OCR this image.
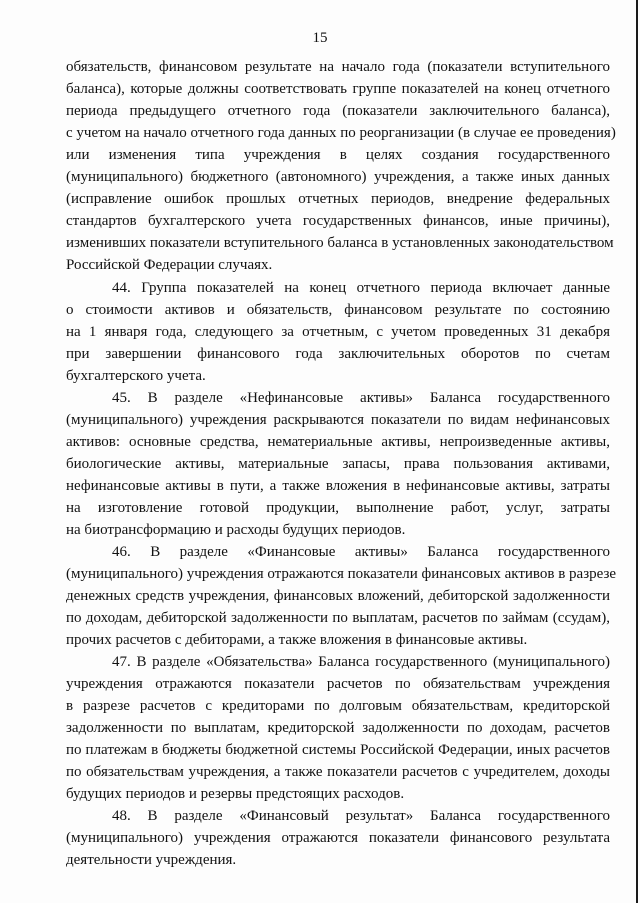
15
обязательств, финансовом результате на начало года (показатели вступительного
баланса), которые должны соответствовать группе показателей на конец отчетного
периода предыдущего отчетного года (показатели заключительного баланса),
с учетом на начало отчетного года данных по реорганизации (в случае ее проведения)
или изменения типа учреждения в целях создания государственного
(муниципального) бюджетного (автономного) учреждения, а также иных данных
(исправление ошибок прошлых отчетных периодов, внедрение федеральных
стандартов бухгалтерского учета государственных финансов, иные причины),
изменивших показатели вступительного баланса в установленных законодательством
Российской Федерации случаях.
44. Группа показателей на конец отчетного периода включает данные
о стоимости активов и обязательств, финансовом результате по состоянию
на 1 января года, следующего за отчетным, с учетом проведенных 31 декабря
при завершении финансового года заключительных оборотов по счетам
бухгалтерского учета.
45. В разделе «Нефинансовые активы» Баланса государственного
(муниципального) учреждения раскрываются показатели по видам нефинансовых
активов: основные средства, нематериальные активы, непроизведенные активы,
биологические активы, материальные запасы, права пользования активами,
нефинансовые активы в пути, а также вложения в нефинансовые активы, затраты
на изготовление готовой продукции, выполнение работ, услуг, затраты
на биотрансформацию и расходы будущих периодов.
46. В разделе «Финансовые активы» Баланса государственного
(муниципального) учреждения отражаются показатели финансовых активов в разрезе
денежных средств учреждения, финансовых вложений, дебиторской задолженности
по доходам, дебиторской задолженности по выплатам, расчетов по займам (ссудам),
прочих расчетов с дебиторами, а также вложения в финансовые активы.
47. В разделе «Обязательства» Баланса государственного (муниципального)
учреждения отражаются показатели расчетов по обязательствам учреждения
в разрезе расчетов с кредиторами по долговым обязательствам, кредиторской
задолженности по выплатам, кредиторской задолженности по доходам, расчетов
по платежам в бюджеты бюджетной системы Российской Федерации, иных расчетов
по обязательствам учреждения, а также показатели расчетов с учредителем, доходы
будущих периодов и резервы предстоящих расходов.
48. В разделе «Финансовый результат» Баланса государственного
(муниципального) учреждения отражаются показатели финансового результата
деятельности учреждения.
